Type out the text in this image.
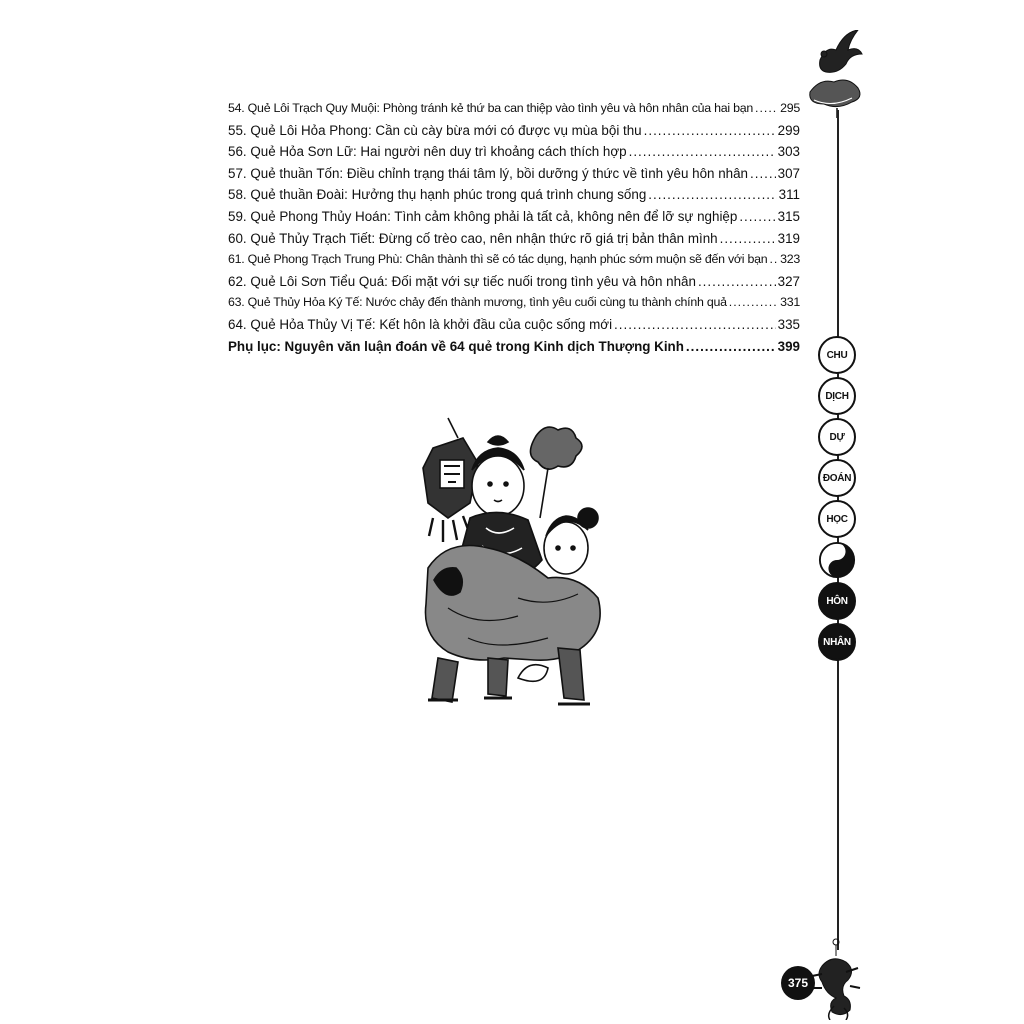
54. Quẻ Lôi Trạch Quy Muội: Phòng tránh kẻ thứ ba can thiệp vào tình yêu và hôn nhân của hai bạn ..... 295
55. Quẻ Lôi Hỏa Phong: Cần cù cày bừa mới có được vụ mùa bội thu .....	299
56. Quẻ Hỏa Sơn Lữ: Hai người nên duy trì khoảng cách thích hợp .....	303
57. Quẻ thuần Tốn: Điều chỉnh trạng thái tâm lý, bồi dưỡng ý thức về tình yêu hôn nhân ..... 307
58. Quẻ thuần Đoài: Hưởng thụ hạnh phúc trong quá trình chung sống .....	311
59. Quẻ Phong Thủy Hoán: Tình cảm không phải là tất cả, không nên để lỡ sự nghiệp .....	315
60. Quẻ Thủy Trạch Tiết: Đừng cố trèo cao, nên nhận thức rõ giá trị bản thân mình .....	319
61. Quẻ Phong Trạch Trung Phù: Chân thành thì sẽ có tác dụng, hạnh phúc sớm muộn sẽ đến với bạn ..... 323
62. Quẻ Lôi Sơn Tiểu Quá: Đối mặt với sự tiếc nuối trong tình yêu và hôn nhân .....	327
63. Quẻ Thủy Hỏa Ký Tế: Nước chảy đến thành mương, tình yêu cuối cùng tu thành chính quả .....	331
64. Quẻ Hỏa Thủy Vị Tế: Kết hôn là khởi đầu của cuộc sống mới .....	335
Phụ lục: Nguyên văn luận đoán về 64 quẻ trong Kinh dịch Thượng Kinh .....	399
CHU
DỊCH
DỰ
ĐOÁN
HỌC
HÔN
NHÂN
375
